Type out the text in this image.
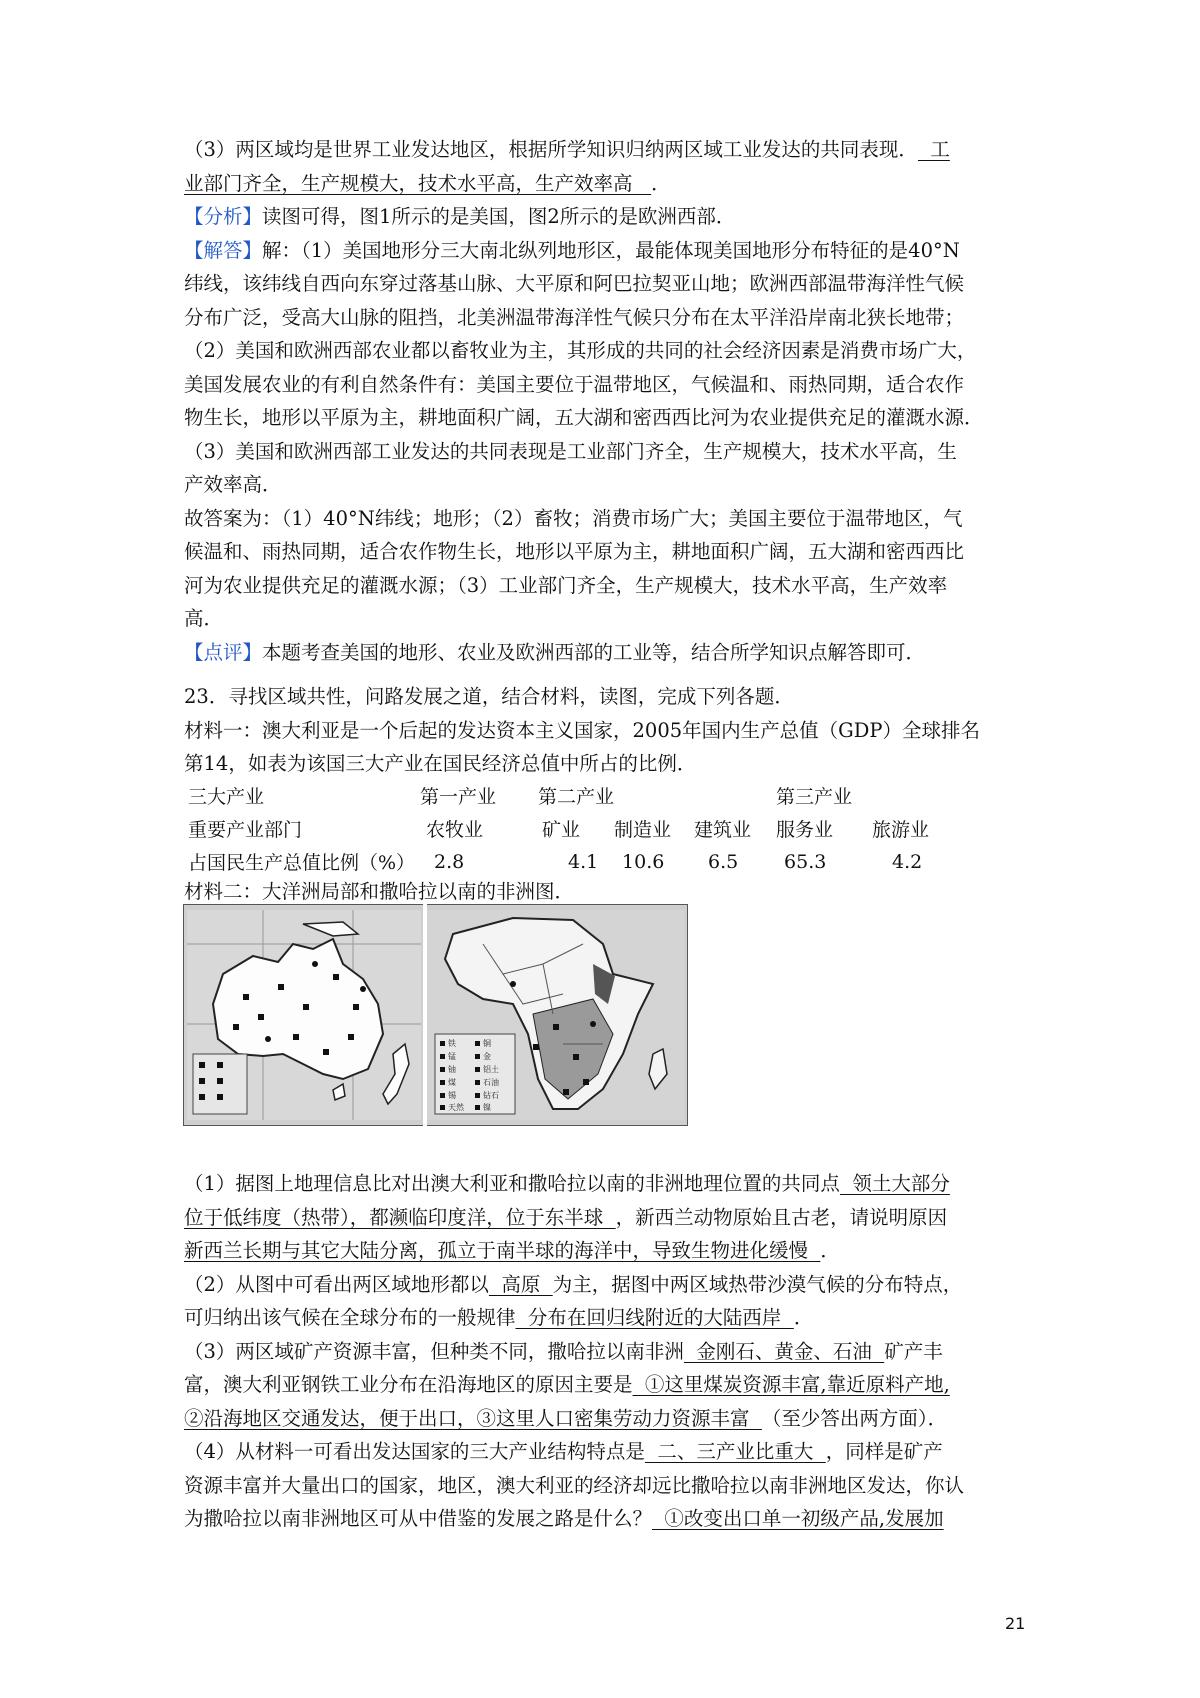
（3）两区域均是世界工业发达地区，根据所学知识归纳两区域工业发达的共同表现．  工
业部门齐全，生产规模大，技术水平高，生产效率高   ．
【分析】读图可得，图1所示的是美国，图2所示的是欧洲西部．
【解答】解：（1）美国地形分三大南北纵列地形区，最能体现美国地形分布特征的是40°N
纬线，该纬线自西向东穿过落基山脉、大平原和阿巴拉契亚山地；欧洲西部温带海洋性气候
分布广泛，受高大山脉的阻挡，北美洲温带海洋性气候只分布在太平洋沿岸南北狭长地带；
（2）美国和欧洲西部农业都以畜牧业为主，其形成的共同的社会经济因素是消费市场广大，
美国发展农业的有利自然条件有：美国主要位于温带地区，气候温和、雨热同期，适合农作
物生长，地形以平原为主，耕地面积广阔，五大湖和密西西比河为农业提供充足的灌溉水源．
（3）美国和欧洲西部工业发达的共同表现是工业部门齐全，生产规模大，技术水平高，生
产效率高．
故答案为：（1）40°N纬线；地形；（2）畜牧；消费市场广大；美国主要位于温带地区，气
候温和、雨热同期，适合农作物生长，地形以平原为主，耕地面积广阔，五大湖和密西西比
河为农业提供充足的灌溉水源；（3）工业部门齐全，生产规模大，技术水平高，生产效率
高．
【点评】本题考查美国的地形、农业及欧洲西部的工业等，结合所学知识点解答即可．
23．寻找区域共性，问路发展之道，结合材料，读图，完成下列各题．
材料一：澳大利亚是一个后起的发达资本主义国家，2005年国内生产总值（GDP）全球排名
第14，如表为该国三大产业在国民经济总值中所占的比例．
三大产业	第一产业	第二产业			第三产业	
重要产业部门	农牧业	矿业	制造业	建筑业	服务业	旅游业
占国民生产总值比例（%）	2.8	4.1	10.6	6.5	65.3	4.2
材料二：大洋洲局部和撒哈拉以南的非洲图．
铁	铜
锰	金
铀	铝土
煤	石油
锡	钻石
天然 镍
（1）据图上地理信息比对出澳大利亚和撒哈拉以南的非洲地理位置的共同点  领土大部分
位于低纬度（热带），都濒临印度洋，位于东半球  ，新西兰动物原始且古老，请说明原因
新西兰长期与其它大陆分离，孤立于南半球的海洋中，导致生物进化缓慢  ．
（2）从图中可看出两区域地形都以  高原  为主，据图中两区域热带沙漠气候的分布特点，
可归纳出该气候在全球分布的一般规律  分布在回归线附近的大陆西岸  ．
（3）两区域矿产资源丰富，但种类不同，撒哈拉以南非洲  金刚石、黄金、石油  矿产丰
富，澳大利亚钢铁工业分布在沿海地区的原因主要是  ①这里煤炭资源丰富,靠近原料产地,
②沿海地区交通发达，便于出口，③这里人口密集劳动力资源丰富  （至少答出两方面）．
（4）从材料一可看出发达国家的三大产业结构特点是  二、三产业比重大  ，同样是矿产
资源丰富并大量出口的国家，地区，澳大利亚的经济却远比撒哈拉以南非洲地区发达，你认
为撒哈拉以南非洲地区可从中借鉴的发展之路是什么？  ①改变出口单一初级产品,发展加
21
